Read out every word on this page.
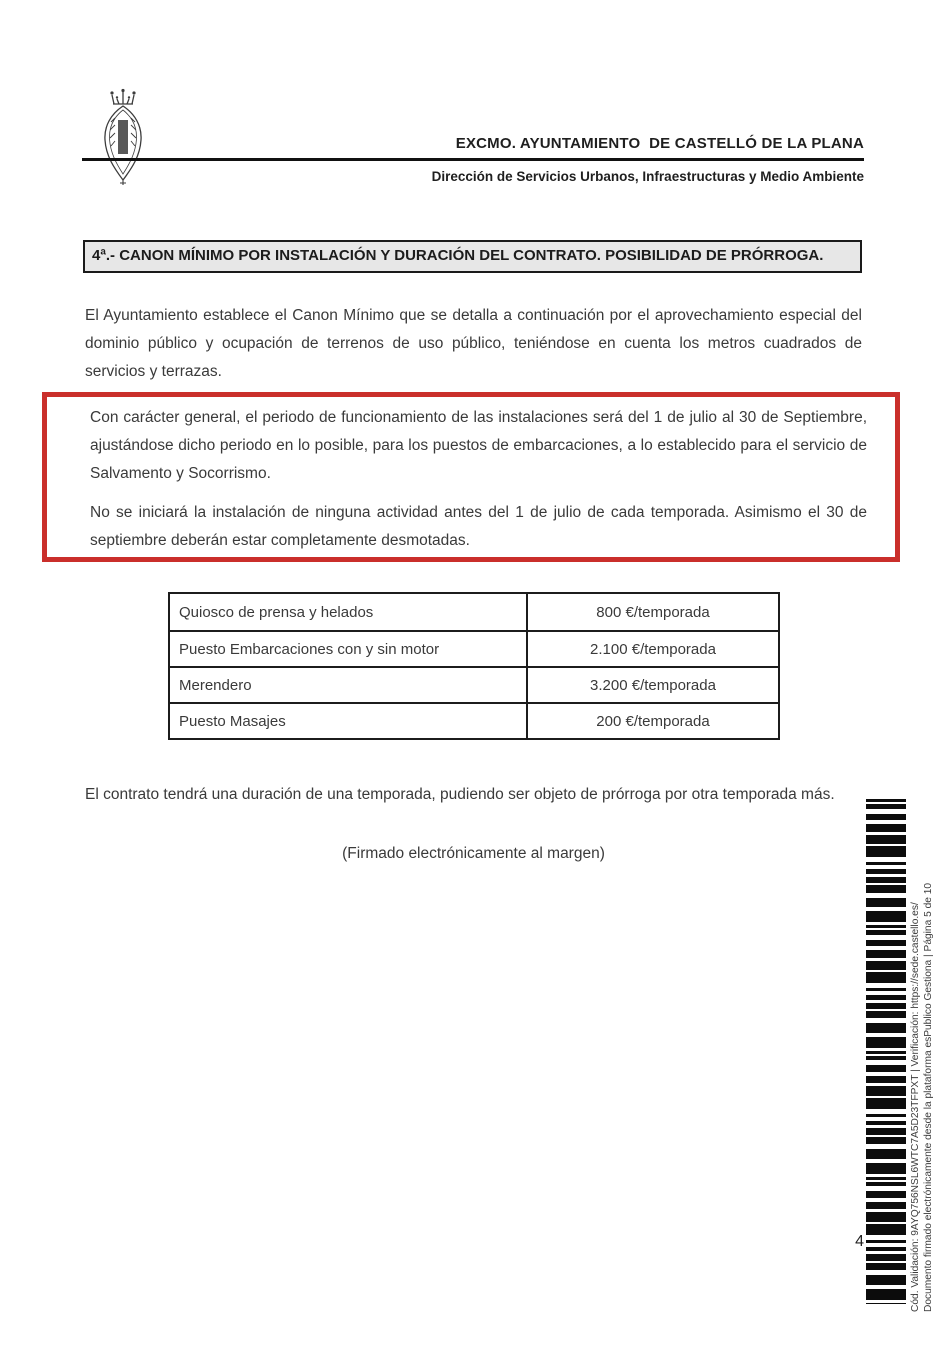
EXCMO. AYUNTAMIENTO  DE CASTELLÓ DE LA PLANA
Dirección de Servicios Urbanos, Infraestructuras y Medio Ambiente
4ª.- CANON MÍNIMO POR INSTALACIÓN Y DURACIÓN DEL CONTRATO. POSIBILIDAD DE PRÓRROGA.
El Ayuntamiento establece el Canon Mínimo que se detalla a continuación por el aprovechamiento especial del dominio público y ocupación de terrenos de uso público, teniéndose en cuenta los metros cuadrados de servicios y terrazas.
Con carácter general, el periodo de funcionamiento de las instalaciones será del 1 de julio al 30 de Septiembre, ajustándose dicho periodo en lo posible, para los puestos de embarcaciones, a lo establecido para el servicio de Salvamento y Socorrismo.
No se iniciará la instalación de ninguna actividad antes del 1 de julio de cada temporada. Asimismo el 30 de septiembre deberán estar completamente desmotadas.
Quiosco de prensa y helados	800 €/temporada
Puesto Embarcaciones con y sin motor	2.100 €/temporada
Merendero	3.200 €/temporada
Puesto Masajes	200 €/temporada
El contrato tendrá una duración de una temporada, pudiendo ser objeto de prórroga por otra temporada más.
(Firmado electrónicamente al margen)
4	Cód. Validación: 9AYQ756NSL6WTC7A5D23TFPXT | Verificación: https://sede.castello.es/ Documento firmado electrónicamente desde la plataforma esPublico Gestiona | Página 5 de 10
